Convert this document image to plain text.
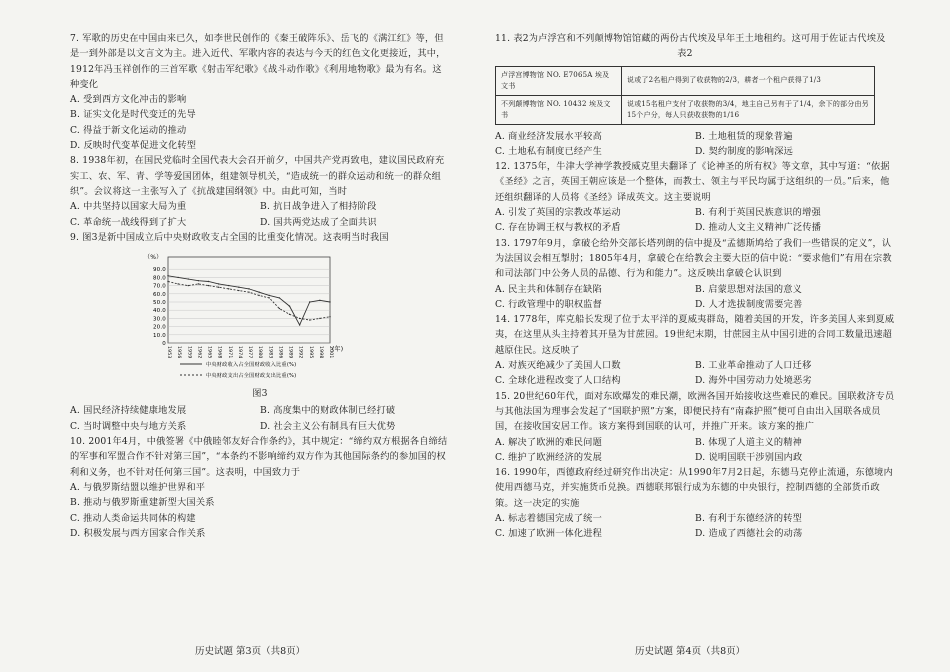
7. 军歌的历史在中国由来已久，如李世民创作的《秦王破阵乐》、岳飞的《满江红》等，但是一到外部是以文言文为主。进入近代、军歌内容的表达与今天的红色文化更接近，其中，1912年冯玉祥创作的三首军歌《射击军纪歌》《战斗动作歌》《利用地物歌》最为有名。这种变化

A. 受到西方文化冲击的影响

B. 证实文化是时代变迁的先导

C. 得益于新文化运动的推动

D. 反映时代变革促进文化转型

8. 1938年初，在国民党临时全国代表大会召开前夕，中国共产党再致电，建议国民政府充实工、农、军、青、学等爱国团体，组建领导机关，“造成统一的群众运动和统一的群众组织”。会议将这一主张写入了《抗战建国纲领》中。由此可知，当时

A. 中共坚持以国家大局为重	B. 抗日战争进入了相持阶段
C. 革命统一战线得到了扩大	D. 国共两党达成了全面共识

9. 图3是新中国成立后中央财政收支占全国的比重变化情况。这表明当时我国

（%）
0
10.0
20.0
30.0
40.0
50.0
60.0
70.0
80.0
90.0
1953 1956 1959 1962 1965 1968 1971 1974 1977 1980 1983 1986 1989 1992 1995 1998 2001 (年)
中央财政收入占全国财政收入比重(%)
中央财政支出占全国财政支出比重(%)
图3
A. 国民经济持续健康地发展	B. 高度集中的财政体制已经打破
C. 当时调整中央与地方关系	D. 社会主义公有制具有巨大优势

10. 2001年4月，中俄签署《中俄睦邻友好合作条约》，其中规定：“缔约双方根据各自缔结的军事和军盟合作不针对第三国”，“本条约不影响缔约双方作为其他国际条约的参加国的权利和义务，也不针对任何第三国”。这表明，中国致力于

A. 与俄罗斯结盟以维护世界和平

B. 推动与俄罗斯重建新型大国关系

C. 推动人类命运共同体的构建

D. 积极发展与西方国家合作关系

历史试题 第3页（共8页）

11. 表2为卢浮宫和不列颠博物馆馆藏的两份古代埃及早年王土地租约。这可用于佐证古代埃及

表2
卢浮宫博物馆 NO. E7065A 埃及文书	说或了2名租户得到了收获物的2/3，耕者一个租户获得了1/3
不列颠博物馆 NO. 10432 埃及文书	说或15名租户支付了收获物的3/4，地主自己另有于了1/4，余下的部分由另15个户分，每人只获收获物的1/16
A. 商业经济发展水平较高	B. 土地租赁的现象普遍
C. 土地私有制度已经产生	D. 契约制度的影响深远

12. 1375年，牛津大学神学教授威克里夫翻译了《论神圣的所有权》等文章，其中写道：“依据《圣经》之言，英国王朝应该是一个整体，而教士、领主与平民均属于这组织的一员。”后来，他还组织翻译的人员将《圣经》译成英文。这主要说明

A. 引发了英国的宗教改革运动	B. 有利于英国民族意识的增强
C. 存在协调王权与教权的矛盾	D. 推动人文主义精神广泛传播

13. 1797年9月，拿破仑给外交部长塔列朗的信中提及“孟德斯鸠给了我们一些错误的定义”，认为法国议会相互掣肘；1805年4月，拿破仑在给教会主要大臣的信中说：“要求他们”有用在宗教和司法部门中公务人员的品德、行为和能力”。这反映出拿破仑认识到

A. 民主共和体制存在缺陷	B. 启蒙思想对法国的意义
C. 行政管理中的职权监督	D. 人才选拔制度需要完善

14. 1778年，库克船长发现了位于太平洋的夏威夷群岛，随着美国的开发，许多美国人来到夏威夷，在这里从头主持着其开垦为甘蔗园。19世纪末期，甘蔗园主从中国引进的合同工数量迅速超越原住民。这反映了

A. 对族灭绝减少了美国人口数	B. 工业革命推动了人口迁移
C. 全球化进程改变了人口结构	D. 海外中国劳动力处境恶劣

15. 20世纪60年代，面对东欧爆发的难民潮，欧洲各国开始接收这些难民的难民。国联救济专员与其他法国为理事会发起了“国联护照”方案，即便民持有“南森护照”便可自由出入国联各成员国，在接收国安居工作。该方案得到国联的认可，并推广开来。该方案的推广

A. 解决了欧洲的难民问题	B. 体现了人道主义的精神
C. 维护了欧洲经济的发展	D. 说明国联干涉别国内政

16. 1990年，西德政府经过研究作出决定：从1990年7月2日起，东德马克停止流通，东德境内使用西德马克，并实施货币兑换。西德联邦银行成为东德的中央银行，控制西德的全部货币政策。这一决定的实施

A. 标志着德国完成了统一	B. 有利于东德经济的转型
C. 加速了欧洲一体化进程	D. 造成了西德社会的动荡
历史试题 第4页（共8页）
